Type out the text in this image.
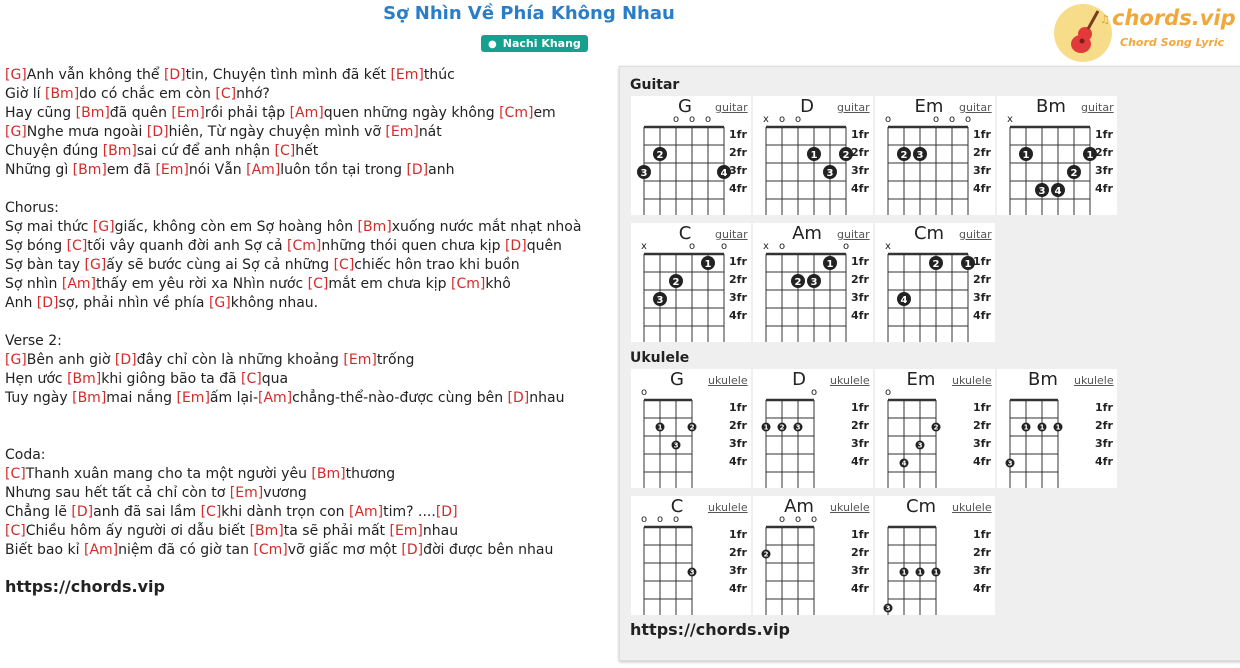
Sợ Nhìn Về Phía Không Nhau
● Nachi Khang
♫ chords.vip
Chord Song Lyric
[G]Anh vẫn không thể [D]tin, Chuyện tình mình đã kết [Em]thúc
Giờ lí [Bm]do có chắc em còn [C]nhớ?
Hay cũng [Bm]đã quên [Em]rồi phải tập [Am]quen những ngày không [Cm]em
[G]Nghe mưa ngoài [D]hiên, Từ ngày chuyện mình vỡ [Em]nát
Chuyện đúng [Bm]sai cứ để anh nhận [C]hết
Những gì [Bm]em đã [Em]nói Vẫn [Am]luôn tồn tại trong [D]anh
Chorus:
Sợ mai thức [G]giấc, không còn em Sợ hoàng hôn [Bm]xuống nước mắt nhạt nhoà
Sợ bóng [C]tối vây quanh đời anh Sợ cả [Cm]những thói quen chưa kịp [D]quên
Sợ bàn tay [G]ấy sẽ bước cùng ai Sợ cả những [C]chiếc hôn trao khi buồn
Sợ nhìn [Am]thấy em yêu rời xa Nhìn nước [C]mắt em chưa kịp [Cm]khô
Anh [D]sợ, phải nhìn về phía [G]không nhau.
Verse 2:
[G]Bên anh giờ [D]đây chỉ còn là những khoảng [Em]trống
Hẹn ước [Bm]khi giông bão ta đã [C]qua
Tuy ngày [Bm]mai nắng [Em]ấm lại-[Am]chẳng-thể-nào-được cùng bên [D]nhau
Coda:
[C]Thanh xuân mang cho ta một người yêu [Bm]thương
Nhưng sau hết tất cả chỉ còn tơ [Em]vương
Chẳng lẽ [D]anh đã sai lầm [C]khi dành trọn con [Am]tim? ....[D]
[C]Chiều hôm ấy người ơi dẫu biết [Bm]ta sẽ phải mất [Em]nhau
Biết bao kỉ [Am]niệm đã có giờ tan [Cm]vỡ giấc mơ một [D]đời được bên nhau
https://chords.vip
Guitar
G	guitar
o o o
3
2
4
1fr
2fr
3fr
4fr
D	guitar
x o o
1
3
2
1fr
2fr
3fr
4fr
Em	guitar
o	o o o
2 3
1fr
2fr
3fr
4fr
Bm	guitar
x
1	1
2
3 4
1fr
2fr
3fr
4fr
C	guitar
x	o	o
3
2
1 1fr
2fr
3fr
4fr
Am	guitar
x o	o
2 3
1 1fr
2fr
3fr
4fr
Cm	guitar
x
4
2	1 1fr
2fr
3fr
4fr
Ukulele
G	ukulele
o
1	2
3
1fr
2fr
3fr
4fr
D	ukulele
o
1 2 3
1fr
2fr
3fr
4fr
Em	ukulele
o
2
3
4
1fr
2fr
3fr
4fr
Bm	ukulele
1 1 1
3
1fr
2fr
3fr
4fr
C	ukulele
o o o
3
1fr
2fr
3fr
4fr
Am	ukulele
o o o
2
1fr
2fr
3fr
4fr
Cm	ukulele
1 1 1
3
1fr
2fr
3fr
4fr
https://chords.vip
